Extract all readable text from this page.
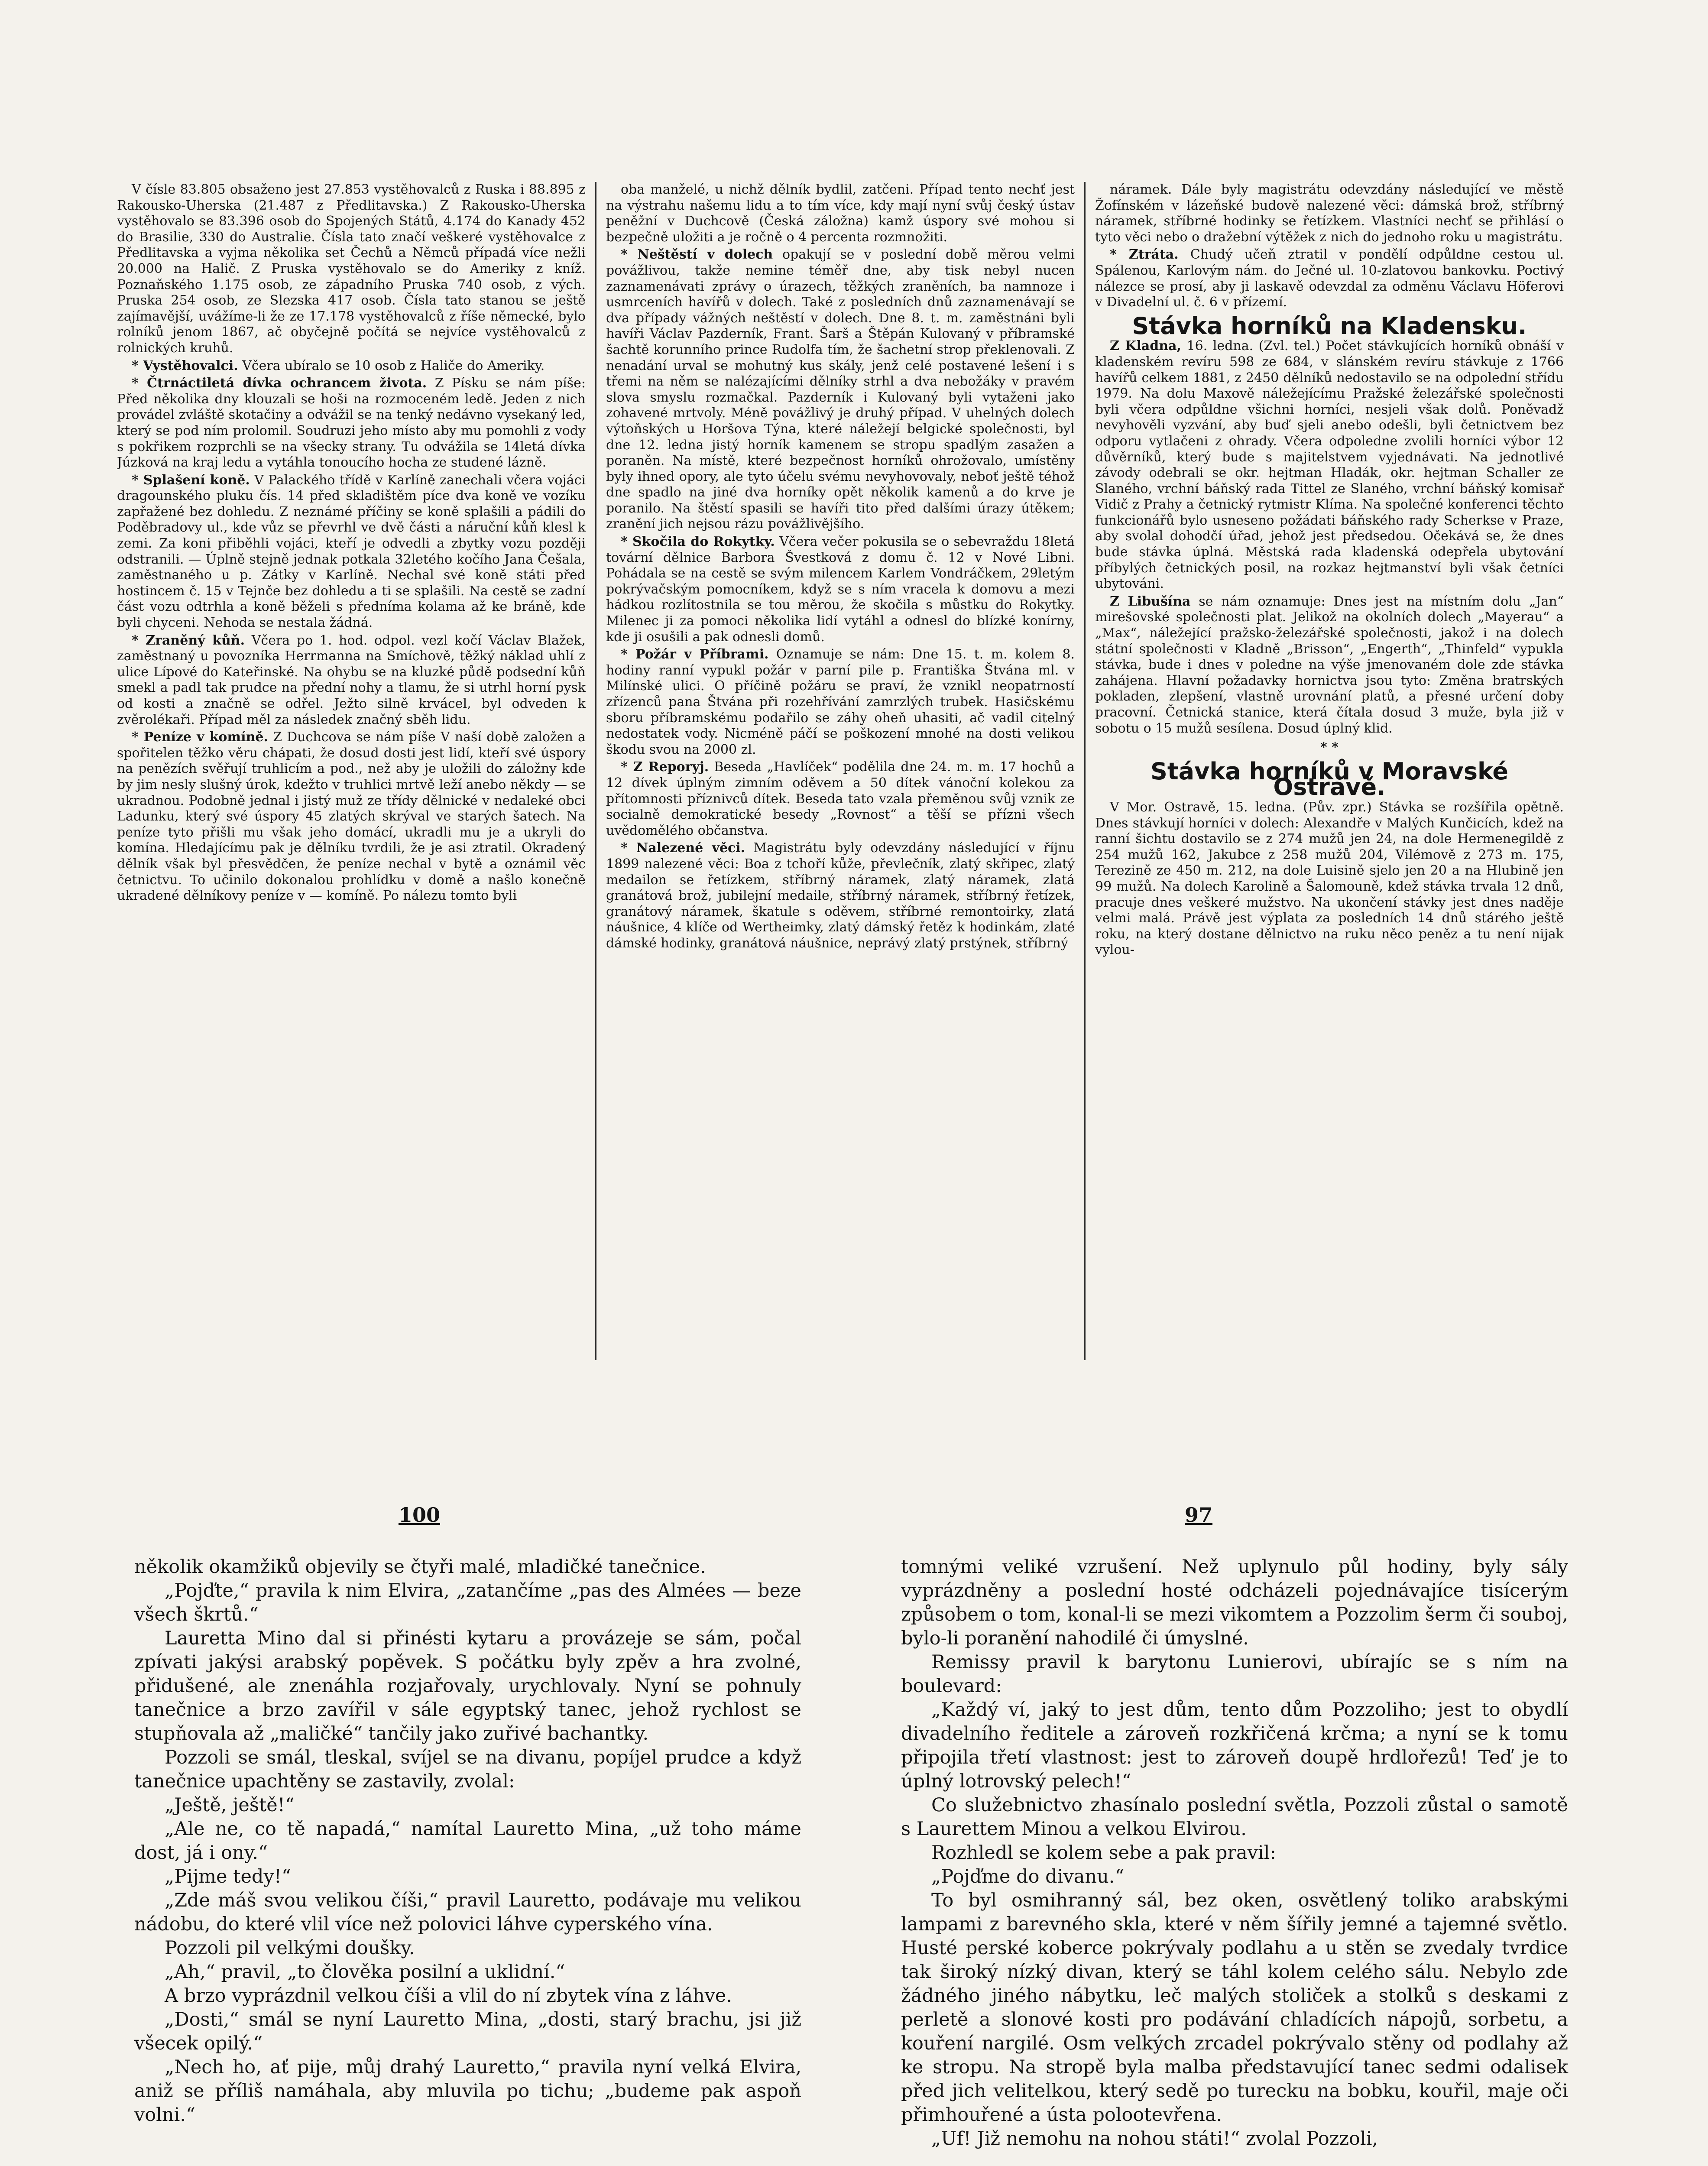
V čísle 83.805 obsaženo jest 27.853 vystěhovalců z Ruska i 88.895 z Rakousko-Uherska (21.487 z Předlitavska.) Z Rakousko-Uherska vystěhovalo se 83.396 osob do Spojených Států, 4.174 do Kanady 452 do Brasilie, 330 do Australie. Čísla tato značí veškeré vystěhovalce z Předlitavska a vyjma několika set Čechů a Němců případá více nežli 20.000 na Halič. Z Pruska vystěhovalo se do Ameriky z kníž. Poznaňského 1.175 osob, ze západního Pruska 740 osob, z vých. Pruska 254 osob, ze Slezska 417 osob. Čísla tato stanou se ještě zajímavější, uvážíme-li že ze 17.178 vystěhovalců z říše německé, bylo rolníků jenom 1867, ač obyčejně počítá se nejvíce vystěhovalců z rolnických kruhů.

* Vystěhovalci. Včera ubíralo se 10 osob z Haliče do Ameriky.

* Čtrnáctiletá dívka ochrancem života. Z Písku se nám píše: Před několika dny klouzali se hoši na rozmoceném ledě. Jeden z nich provádel zvláště skotačiny a odvážil se na tenký nedávno vysekaný led, který se pod ním prolomil. Soudruzi jeho místo aby mu pomohli z vody s pokřikem rozprchli se na všecky strany. Tu odvážila se 14letá dívka Júzková na kraj ledu a vytáhla tonoucího hocha ze studené lázně.

* Splašení koně. V Palackého třídě v Karlíně zanechali včera vojáci dragounského pluku čís. 14 před skladištěm píce dva koně ve vozíku zapřažené bez dohledu. Z neznámé příčiny se koně splašili a pádili do Poděbradovy ul., kde vůz se převrhl ve dvě části a náruční kůň klesl k zemi. Za koni přiběhli vojáci, kteří je odvedli a zbytky vozu později odstranili. — Úplně stejně jednak potkala 32letého kočího Jana Češala, zaměstnaného u p. Zátky v Karlíně. Nechal své koně státi před hostincem č. 15 v Tejnče bez dohledu a ti se splašili. Na cestě se zadní část vozu odtrhla a koně běželi s předníma kolama až ke bráně, kde byli chyceni. Nehoda se nestala žádná.

* Zraněný kůň. Včera po 1. hod. odpol. vezl kočí Václav Blažek, zaměstnaný u povozníka Herrmanna na Smíchově, těžký náklad uhlí z ulice Lípové do Kateřinské. Na ohybu se na kluzké půdě podsední kůň smekl a padl tak prudce na přední nohy a tlamu, že si utrhl horní pysk od kosti a značně se odřel. Ježto silně krvácel, byl odveden k zvěrolékaři. Případ měl za následek značný sběh lidu.

* Peníze v komíně. Z Duchcova se nám píše V naší době založen a spořitelen těžko věru chápati, že dosud dosti jest lidí, kteří své úspory na penězích svěřují truhlicím a pod., než aby je uložili do záložny kde by jim nesly slušný úrok, kdežto v truhlici mrtvě leží anebo někdy — se ukradnou. Podobně jednal i jistý muž ze třídy dělnické v nedaleké obci Ladunku, který své úspory 45 zlatých skrýval ve starých šatech. Na peníze tyto přišli mu však jeho domácí, ukradli mu je a ukryli do komína. Hledajícímu pak je dělníku tvrdili, že je asi ztratil. Okradený dělník však byl přesvědčen, že peníze nechal v bytě a oznámil věc četnictvu. To učinilo dokonalou prohlídku v domě a našlo konečně ukradené dělníkovy peníze v — komíně. Po nálezu tomto byli

oba manželé, u nichž dělník bydlil, zatčeni. Případ tento nechť jest na výstrahu našemu lidu a to tím více, kdy mají nyní svůj český ústav peněžní v Duchcově (Česká záložna) kamž úspory své mohou si bezpečně uložiti a je ročně o 4 percenta rozmnožiti.

* Neštěstí v dolech opakují se v poslední době měrou velmi povážlivou, takže nemine téměř dne, aby tisk nebyl nucen zaznamenávati zprávy o úrazech, těžkých zraněních, ba namnoze i usmrceních havířů v dolech. Také z posledních dnů zaznamenávají se dva případy vážných neštěstí v dolech. Dne 8. t. m. zaměstnáni byli havíři Václav Pazderník, Frant. Šarš a Štěpán Kulovaný v příbramské šachtě korunního prince Rudolfa tím, že šachetní strop překlenovali. Z nenadání urval se mohutný kus skály, jenž celé postavené lešení i s třemi na něm se nalézajícími dělníky strhl a dva nebožáky v pravém slova smyslu rozmačkal. Pazderník i Kulovaný byli vytaženi jako zohavené mrtvoly. Méně povážlivý je druhý případ. V uhelných dolech výtoňských u Horšova Týna, které náležejí belgické společnosti, byl dne 12. ledna jistý horník kamenem se stropu spadlým zasažen a poraněn. Na místě, které bezpečnost horníků ohrožovalo, umístěny byly ihned opory, ale tyto účelu svému nevyhovovaly, neboť ještě téhož dne spadlo na jiné dva horníky opět několik kamenů a do krve je poranilo. Na štěstí spasili se havíři tito před dalšími úrazy útěkem; zranění jich nejsou rázu povážlivějšího.

* Skočila do Rokytky. Včera večer pokusila se o sebevraždu 18letá tovární dělnice Barbora Švestková z domu č. 12 v Nové Libni. Pohádala se na cestě se svým milencem Karlem Vondráčkem, 29letým pokrývačským pomocníkem, když se s ním vracela k domovu a mezi hádkou rozlítostnila se tou měrou, že skočila s můstku do Rokytky. Milenec ji za pomoci několika lidí vytáhl a odnesl do blízké konírny, kde ji osušili a pak odnesli domů.

* Požár v Příbrami. Oznamuje se nám: Dne 15. t. m. kolem 8. hodiny ranní vypukl požár v parní pile p. Františka Štvána ml. v Milínské ulici. O příčině požáru se praví, že vznikl neopatrností zřízenců pana Štvána při rozehřívání zamrzlých trubek. Hasičskému sboru příbramskému podařilo se záhy oheň uhasiti, ač vadil citelný nedostatek vody. Nicméně páčí se poškození mnohé na dosti velikou škodu svou na 2000 zl.

* Z Reporyj. Beseda „Havlíček“ podělila dne 24. m. m. 17 hochů a 12 dívek úplným zimním oděvem a 50 dítek vánoční kolekou za přítomnosti příznivců dítek. Beseda tato vzala přeměnou svůj vznik ze socialně demokratické besedy „Rovnost“ a těší se přízni všech uvědomělého občanstva.

* Nalezené věci. Magistrátu byly odevzdány následující v říjnu 1899 nalezené věci: Boa z tchoří kůže, převlečník, zlatý skřipec, zlatý medailon se řetízkem, stříbrný náramek, zlatý náramek, zlatá granátová brož, jubilejní medaile, stříbrný náramek, stříbrný řetízek, granátový náramek, škatule s oděvem, stříbrné remontoirky, zlatá náušnice, 4 klíče od Wertheimky, zlatý dámský řetěz k hodinkám, zlaté dámské hodinky, granátová náušnice, neprávý zlatý prstýnek, stříbrný

náramek. Dále byly magistrátu odevzdány následující ve městě Žofínském v lázeňské budově nalezené věci: dámská brož, stříbrný náramek, stříbrné hodinky se řetízkem. Vlastníci nechť se přihlásí o tyto věci nebo o dražební výtěžek z nich do jednoho roku u magistrátu.

* Ztráta. Chudý učeň ztratil v pondělí odpůldne cestou ul. Spálenou, Karlovým nám. do Ječné ul. 10-zlatovou bankovku. Poctivý nálezce se prosí, aby ji laskavě odevzdal za odměnu Václavu Höferovi v Divadelní ul. č. 6 v přízemí.

Stávka horníků na Kladensku.

Z Kladna, 16. ledna. (Zvl. tel.) Počet stávkujících horníků obnáší v kladenském revíru 598 ze 684, v slánském revíru stávkuje z 1766 havířů celkem 1881, z 2450 dělníků nedostavilo se na odpolední střídu 1979. Na dolu Maxově náležejícímu Pražské železářské společnosti byli včera odpůldne všichni horníci, nesjeli však dolů. Poněvadž nevyhověli vyzvání, aby buď sjeli anebo odešli, byli četnictvem bez odporu vytlačeni z ohrady. Včera odpoledne zvolili horníci výbor 12 důvěrníků, který bude s majitelstvem vyjednávati. Na jednotlivé závody odebrali se okr. hejtman Hladák, okr. hejtman Schaller ze Slaného, vrchní báňský rada Tittel ze Slaného, vrchní báňský komisař Vidič z Prahy a četnický rytmistr Klíma. Na společné konferenci těchto funkcionářů bylo usneseno požádati báňského rady Scherkse v Praze, aby svolal dohodčí úřad, jehož jest předsedou. Očekává se, že dnes bude stávka úplná. Městská rada kladenská odepřela ubytování příbylých četnických posil, na rozkaz hejtmanství byli však četníci ubytováni.

Z Libušína se nám oznamuje: Dnes jest na místním dolu „Jan“ mirešovské společnosti plat. Jelikož na okolních dolech „Mayerau“ a „Max“, náležející pražsko-železářské společnosti, jakož i na dolech státní společnosti v Kladně „Brisson“, „Engerth“, „Thinfeld“ vypukla stávka, bude i dnes v poledne na výše jmenovaném dole zde stávka zahájena. Hlavní požadavky hornictva jsou tyto: Změna bratrských pokladen, zlepšení, vlastně urovnání platů, a přesné určení doby pracovní. Četnická stanice, která čítala dosud 3 muže, byla již v sobotu o 15 mužů sesílena. Dosud úplný klid.

* *
Stávka horníků v Moravské Ostravě.

V Mor. Ostravě, 15. ledna. (Pův. zpr.) Stávka se rozšířila opětně. Dnes stávkují horníci v dolech: Alexandře v Malých Kunčicích, kdež na ranní šichtu dostavilo se z 274 mužů jen 24, na dole Hermenegildě z 254 mužů 162, Jakubce z 258 mužů 204, Vilémově z 273 m. 175, Terezině ze 450 m. 212, na dole Luisině sjelo jen 20 a na Hlubině jen 99 mužů. Na dolech Karolině a Šalomouně, kdež stávka trvala 12 dnů, pracuje dnes veškeré mužstvo. Na ukončení stávky jest dnes naděje velmi malá. Právě jest výplata za posledních 14 dnů stárého ještě roku, na který dostane dělnictvo na ruku něco peněz a tu není nijak vylou-

100	97

několik okamžiků objevily se čtyři malé, mladičké tanečnice.

„Pojďte,“ pravila k nim Elvira, „zatančíme „pas des Almées — beze všech škrtů.“

Lauretta Mino dal si přinésti kytaru a provázeje se sám, počal zpívati jakýsi arabský popěvek. S počátku byly zpěv a hra zvolné, přidušené, ale znenáhla rozjařovaly, urychlovaly. Nyní se pohnuly tanečnice a brzo zavířil v sále egyptský tanec, jehož rychlost se stupňovala až „maličké“ tančily jako zuřivé bachantky.

Pozzoli se smál, tleskal, svíjel se na divanu, popíjel prudce a když tanečnice upachtěny se zastavily, zvolal:

„Ještě, ještě!“

„Ale ne, co tě napadá,“ namítal Lauretto Mina, „už toho máme dost, já i ony.“

„Pijme tedy!“

„Zde máš svou velikou číši,“ pravil Lauretto, podávaje mu velikou nádobu, do které vlil více než polovici láhve cyperského vína.

Pozzoli pil velkými doušky.

„Ah,“ pravil, „to člověka posilní a uklidní.“

A brzo vyprázdnil velkou číši a vlil do ní zbytek vína z láhve.

„Dosti,“ smál se nyní Lauretto Mina, „dosti, starý brachu, jsi již všecek opilý.“

„Nech ho, ať pije, můj drahý Lauretto,“ pravila nyní velká Elvira, aniž se příliš namáhala, aby mluvila po tichu; „budeme pak aspoň volni.“

tomnými veliké vzrušení. Než uplynulo půl hodiny, byly sály vyprázdněny a poslední hosté odcházeli pojednávajíce tisícerým způsobem o tom, konal-li se mezi vikomtem a Pozzolim šerm či souboj, bylo-li poranění nahodilé či úmyslné.

Remissy pravil k barytonu Lunierovi, ubírajíc se s ním na boulevard:

„Každý ví, jaký to jest dům, tento dům Pozzoliho; jest to obydlí divadelního ředitele a zároveň rozkřičená krčma; a nyní se k tomu připojila třetí vlastnost: jest to zároveň doupě hrdlořezů! Teď je to úplný lotrovský pelech!“

Co služebnictvo zhasínalo poslední světla, Pozzoli zůstal o samotě s Laurettem Minou a velkou Elvirou.

Rozhledl se kolem sebe a pak pravil:

„Pojďme do divanu.“

To byl osmihranný sál, bez oken, osvětlený toliko arabskými lampami z barevného skla, které v něm šířily jemné a tajemné světlo. Husté perské koberce pokrývaly podlahu a u stěn se zvedaly tvrdice tak široký nízký divan, který se táhl kolem celého sálu. Nebylo zde žádného jiného nábytku, leč malých stoliček a stolků s deskami z perletě a slonové kosti pro podávání chladících nápojů, sorbetu, a kouření nargilé. Osm velkých zrcadel pokrývalo stěny od podlahy až ke stropu. Na stropě byla malba představující tanec sedmi odalisek před jich velitelkou, který sedě po turecku na bobku, kouřil, maje oči přimhouřené a ústa polootevřena.

„Uf! Již nemohu na nohou státi!“ zvolal Pozzoli,
